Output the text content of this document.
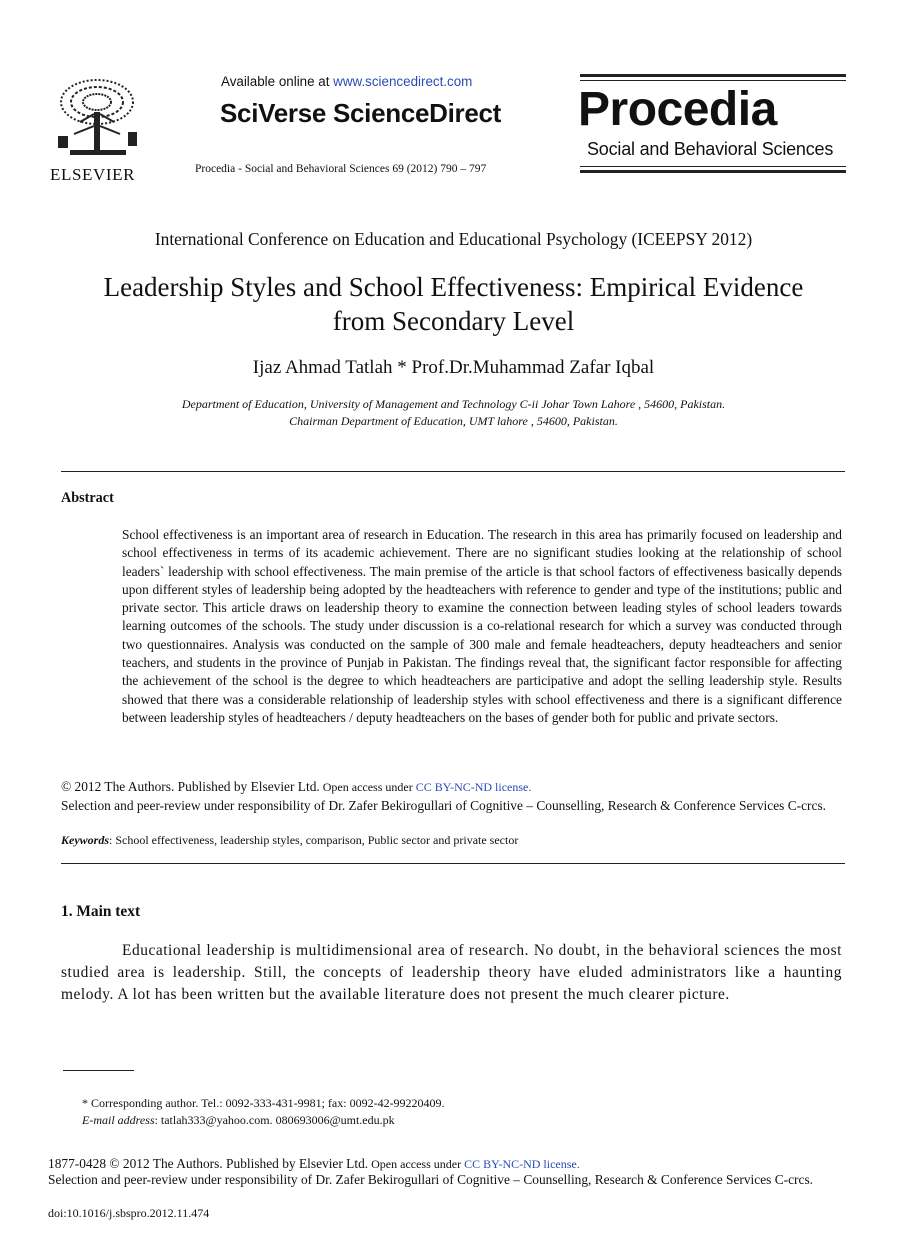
ELSEVIER
Available online at www.sciencedirect.com
SciVerse ScienceDirect
Procedia - Social and Behavioral Sciences 69 (2012) 790 – 797
Procedia
Social and Behavioral Sciences
International Conference on Education and Educational Psychology (ICEEPSY 2012)
Leadership Styles and School Effectiveness: Empirical Evidence
from Secondary Level
Ijaz Ahmad Tatlah * Prof.Dr.Muhammad Zafar Iqbal
Department of Education, University of Management and Technology C-ii Johar Town Lahore , 54600, Pakistan.
Chairman Department of Education, UMT lahore , 54600, Pakistan.
Abstract

School effectiveness is an important area of research in Education. The research in this area has primarily focused on leadership and school effectiveness in terms of its academic achievement. There are no significant studies looking at the relationship of school leaders` leadership with school effectiveness. The main premise of the article is that school factors of effectiveness basically depends upon different styles of leadership being adopted by the headteachers with reference to gender and type of the institutions; public and private sector. This article draws on leadership theory to examine the connection between leading styles of school leaders towards learning outcomes of the schools. The study under discussion is a co-relational research for which a survey was conducted through two questionnaires. Analysis was conducted on the sample of 300 male and female headteachers, deputy headteachers and senior teachers, and students in the province of Punjab in Pakistan. The findings reveal that, the significant factor responsible for affecting the achievement of the school is the degree to which headteachers are participative and adopt the selling leadership style. Results showed that there was a considerable relationship of leadership styles with school effectiveness and there is a significant difference between leadership styles of headteachers / deputy headteachers on the bases of gender both for public and private sectors.

© 2012 The Authors. Published by Elsevier Ltd. Open access under CC BY-NC-ND license.
Selection and peer-review under responsibility of Dr. Zafer Bekirogullari of Cognitive – Counselling, Research & Conference Services C-crcs.
Keywords: School effectiveness, leadership styles, comparison, Public sector and private sector
1. Main text

Educational leadership is multidimensional area of research. No doubt, in the behavioral sciences the most studied area is leadership. Still, the concepts of leadership theory have eluded administrators like a haunting melody. A lot has been written but the available literature does not present the much clearer picture.

* Corresponding author. Tel.: 0092-333-431-9981; fax: 0092-42-99220409.
E-mail address: tatlah333@yahoo.com. 080693006@umt.edu.pk
1877-0428 © 2012 The Authors. Published by Elsevier Ltd. Open access under CC BY-NC-ND license.
Selection and peer-review under responsibility of Dr. Zafer Bekirogullari of Cognitive – Counselling, Research & Conference Services C-crcs.
doi:10.1016/j.sbspro.2012.11.474
